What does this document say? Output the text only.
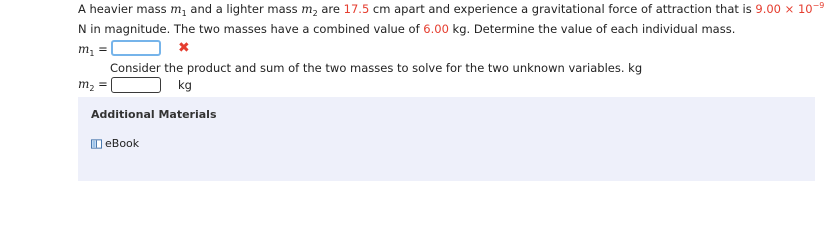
A heavier mass $m_1$ and a lighter mass $m_2$ are 17.5 cm apart and experience a gravitational force of attraction that is $9.00 \times 10^{-9}$
N in magnitude. The two masses have a combined value of 6.00 kg. Determine the value of each individual mass.
$m_1$ =	✖
Consider the product and sum of the two masses to solve for the two unknown variables. kg
$m_2$ =	kg
Additional Materials
eBook
